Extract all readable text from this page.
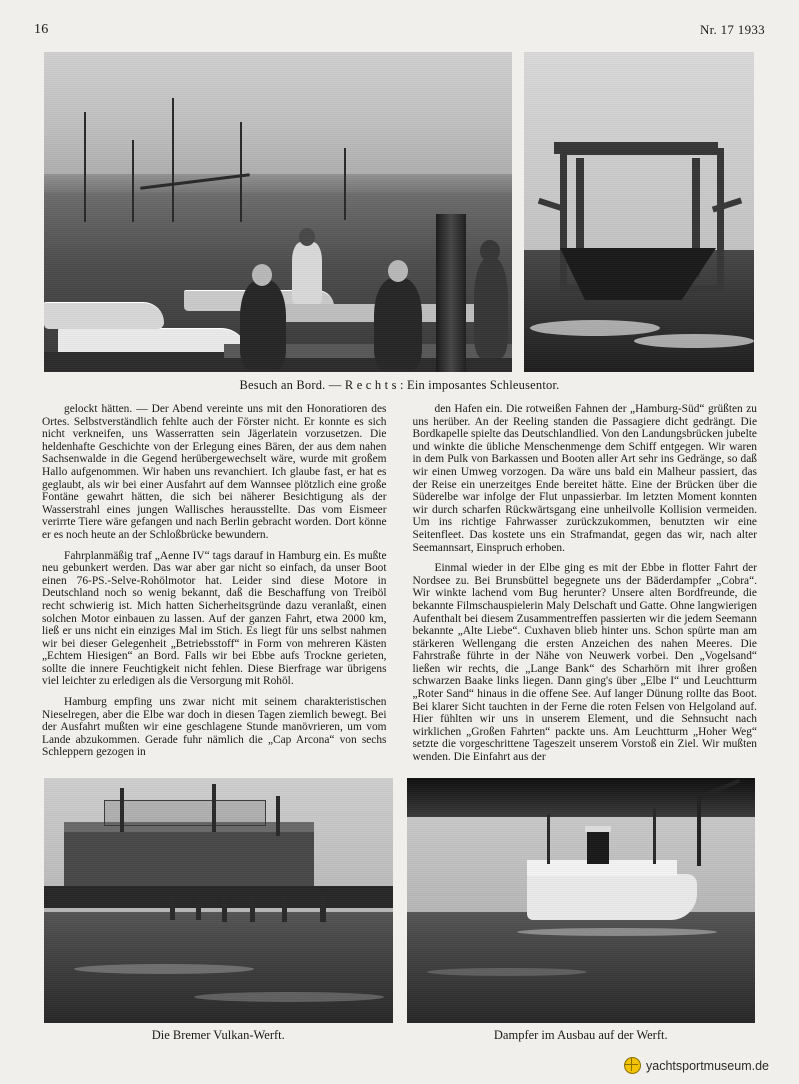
16	Nr. 17 1933
Besuch an Bord. — R e c h t s : Ein imposantes Schleusentor.

gelockt hätten. — Der Abend vereinte uns mit den Honoratioren des Ortes. Selbstverständlich fehlte auch der Förster nicht. Er konnte es sich nicht verkneifen, uns Wasserratten sein Jägerlatein vorzusetzen. Die heldenhafte Geschichte von der Erlegung eines Bären, der aus dem nahen Sachsenwalde in die Gegend herübergewechselt wäre, wurde mit großem Hallo aufgenommen. Wir haben uns revanchiert. Ich glaube fast, er hat es geglaubt, als wir bei einer Ausfahrt auf dem Wannsee plötzlich eine große Fontäne gewahrt hätten, die sich bei näherer Besichtigung als der Wasserstrahl eines jungen Wallisches herausstellte. Das vom Eismeer verirrte Tiere wäre gefangen und nach Berlin gebracht worden. Dort könne er es noch heute an der Schloßbrücke bewundern.

Fahrplanmäßig traf „Aenne IV“ tags darauf in Hamburg ein. Es mußte neu gebunkert werden. Das war aber gar nicht so einfach, da unser Boot einen 76-PS.-Selve-Rohölmotor hat. Leider sind diese Motore in Deutschland noch so wenig bekannt, daß die Beschaffung von Treiböl recht schwierig ist. Mich hatten Sicherheitsgründe dazu veranlaßt, einen solchen Motor einbauen zu lassen. Auf der ganzen Fahrt, etwa 2000 km, ließ er uns nicht ein einziges Mal im Stich. Es liegt für uns selbst nahmen wir bei dieser Gelegenheit „Betriebsstoff“ in Form von mehreren Kästen „Echtem Hiesigen“ an Bord. Falls wir bei Ebbe aufs Trockne gerieten, sollte die innere Feuchtigkeit nicht fehlen. Diese Bierfrage war übrigens viel leichter zu erledigen als die Versorgung mit Rohöl.

Hamburg empfing uns zwar nicht mit seinem charakteristischen Nieselregen, aber die Elbe war doch in diesen Tagen ziemlich bewegt. Bei der Ausfahrt mußten wir eine geschlagene Stunde manövrieren, um vom Lande abzukommen. Gerade fuhr nämlich die „Cap Arcona“ von sechs Schleppern gezogen in

den Hafen ein. Die rotweißen Fahnen der „Hamburg-Süd“ grüßten zu uns herüber. An der Reeling standen die Passagiere dicht gedrängt. Die Bordkapelle spielte das Deutschlandlied. Von den Landungsbrücken jubelte und winkte die übliche Menschenmenge dem Schiff entgegen. Wir waren in dem Pulk von Barkassen und Booten aller Art sehr ins Gedränge, so daß wir einen Umweg vorzogen. Da wäre uns bald ein Malheur passiert, das der Reise ein unerzeitges Ende bereitet hätte. Eine der Brücken über die Süderelbe war infolge der Flut unpassierbar. Im letzten Moment konnten wir durch scharfen Rückwärtsgang eine unheilvolle Kollision vermeiden. Um ins richtige Fahrwasser zurückzukommen, benutzten wir eine Seitenfleet. Das kostete uns ein Strafmandat, gegen das wir, nach alter Seemannsart, Einspruch erhoben.

Einmal wieder in der Elbe ging es mit der Ebbe in flotter Fahrt der Nordsee zu. Bei Brunsbüttel begegnete uns der Bäderdampfer „Cobra“. Wir winkte lachend vom Bug herunter? Unsere alten Bordfreunde, die bekannte Filmschauspielerin Maly Delschaft und Gatte. Ohne langwierigen Aufenthalt bei diesem Zusammentreffen passierten wir die jedem Seemann bekannte „Alte Liebe“. Cuxhaven blieb hinter uns. Schon spürte man am stärkeren Wellengang die ersten Anzeichen des nahen Meeres. Die Fahrstraße führte in der Nähe von Neuwerk vorbei. Den „Vogelsand“ ließen wir rechts, die „Lange Bank“ des Scharhörn mit ihrer großen schwarzen Baake links liegen. Dann ging's über „Elbe I“ und Leuchtturm „Roter Sand“ hinaus in die offene See. Auf langer Dünung rollte das Boot. Bei klarer Sicht tauchten in der Ferne die roten Felsen von Helgoland auf. Hier fühlten wir uns in unserem Element, und die Sehnsucht nach wirklichen „Großen Fahrten“ packte uns. Am Leuchtturm „Hoher Weg“ setzte die vorgeschrittene Tageszeit unserem Vorstoß ein Ziel. Wir mußten wenden. Die Einfahrt aus der

Die Bremer Vulkan-Werft.	Dampfer im Ausbau auf der Werft.
yachtsportmuseum.de
